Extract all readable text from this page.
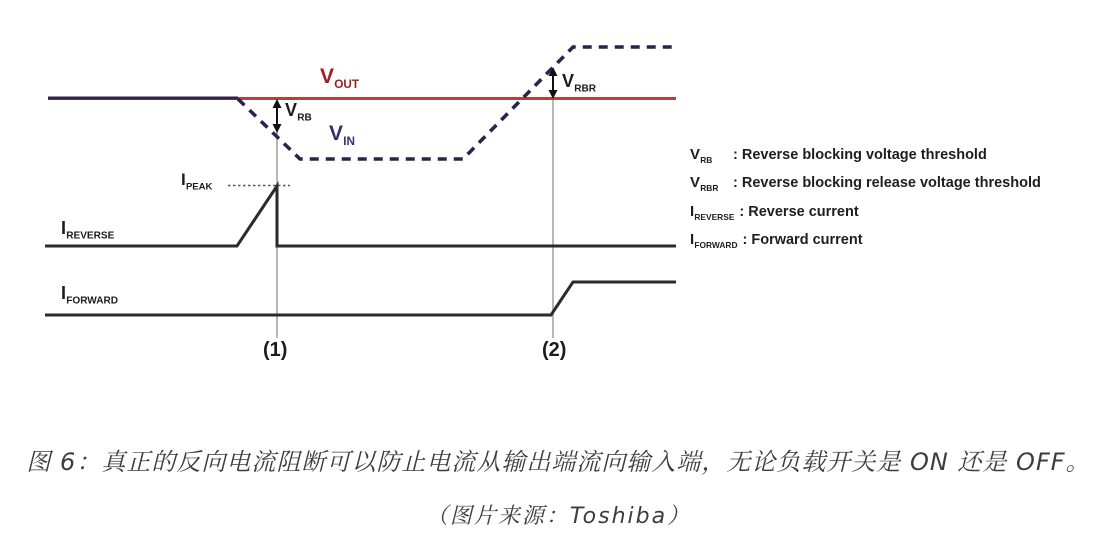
$V_{OUT}$
$V_{IN}$
$V_{RB}$
$V_{RBR}$
$I_{PEAK}$
$I_{REVERSE}$
$I_{FORWARD}$
(1)	(2)
$V_{RB}$	: Reverse blocking voltage threshold
$V_{RBR}$	: Reverse blocking release voltage threshold
$I_{REVERSE}$ : Reverse current
$I_{FORWARD}$ : Forward current
图 6：真正的反向电流阻断可以防止电流从输出端流向输入端，无论负载开关是 ON 还是 OFF。
（图片来源：Toshiba）
